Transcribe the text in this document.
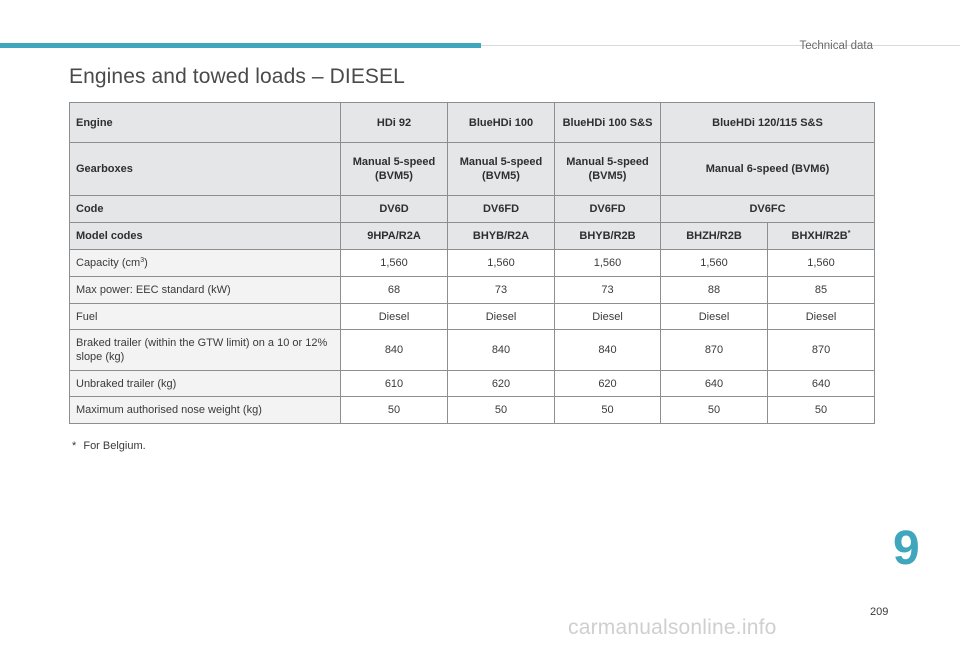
Technical data
Engines and towed loads – DIESEL
Engine	HDi 92	BlueHDi 100	BlueHDi 100 S&S	BlueHDi 120/115 S&S	
Gearboxes	Manual 5-speed (BVM5)	Manual 5-speed (BVM5)	Manual 5-speed (BVM5)	Manual 6-speed (BVM6)	
Code	DV6D	DV6FD	DV6FD	DV6FC	
Model codes	9HPA/R2A	BHYB/R2A	BHYB/R2B	BHZH/R2B	BHXH/R2B*
Capacity $(cm^3)$	1,560	1,560	1,560	1,560	1,560
Max power: EEC standard (kW)	68	73	73	88	85
Fuel	Diesel	Diesel	Diesel	Diesel	Diesel
Braked trailer (within the GTW limit) on a 10 or 12% slope (kg)	840	840	840	870	870
Unbraked trailer (kg)	610	620	620	640	640
Maximum authorised nose weight (kg)	50	50	50	50	50
* For Belgium.
9
209
carmanualsonline.info
